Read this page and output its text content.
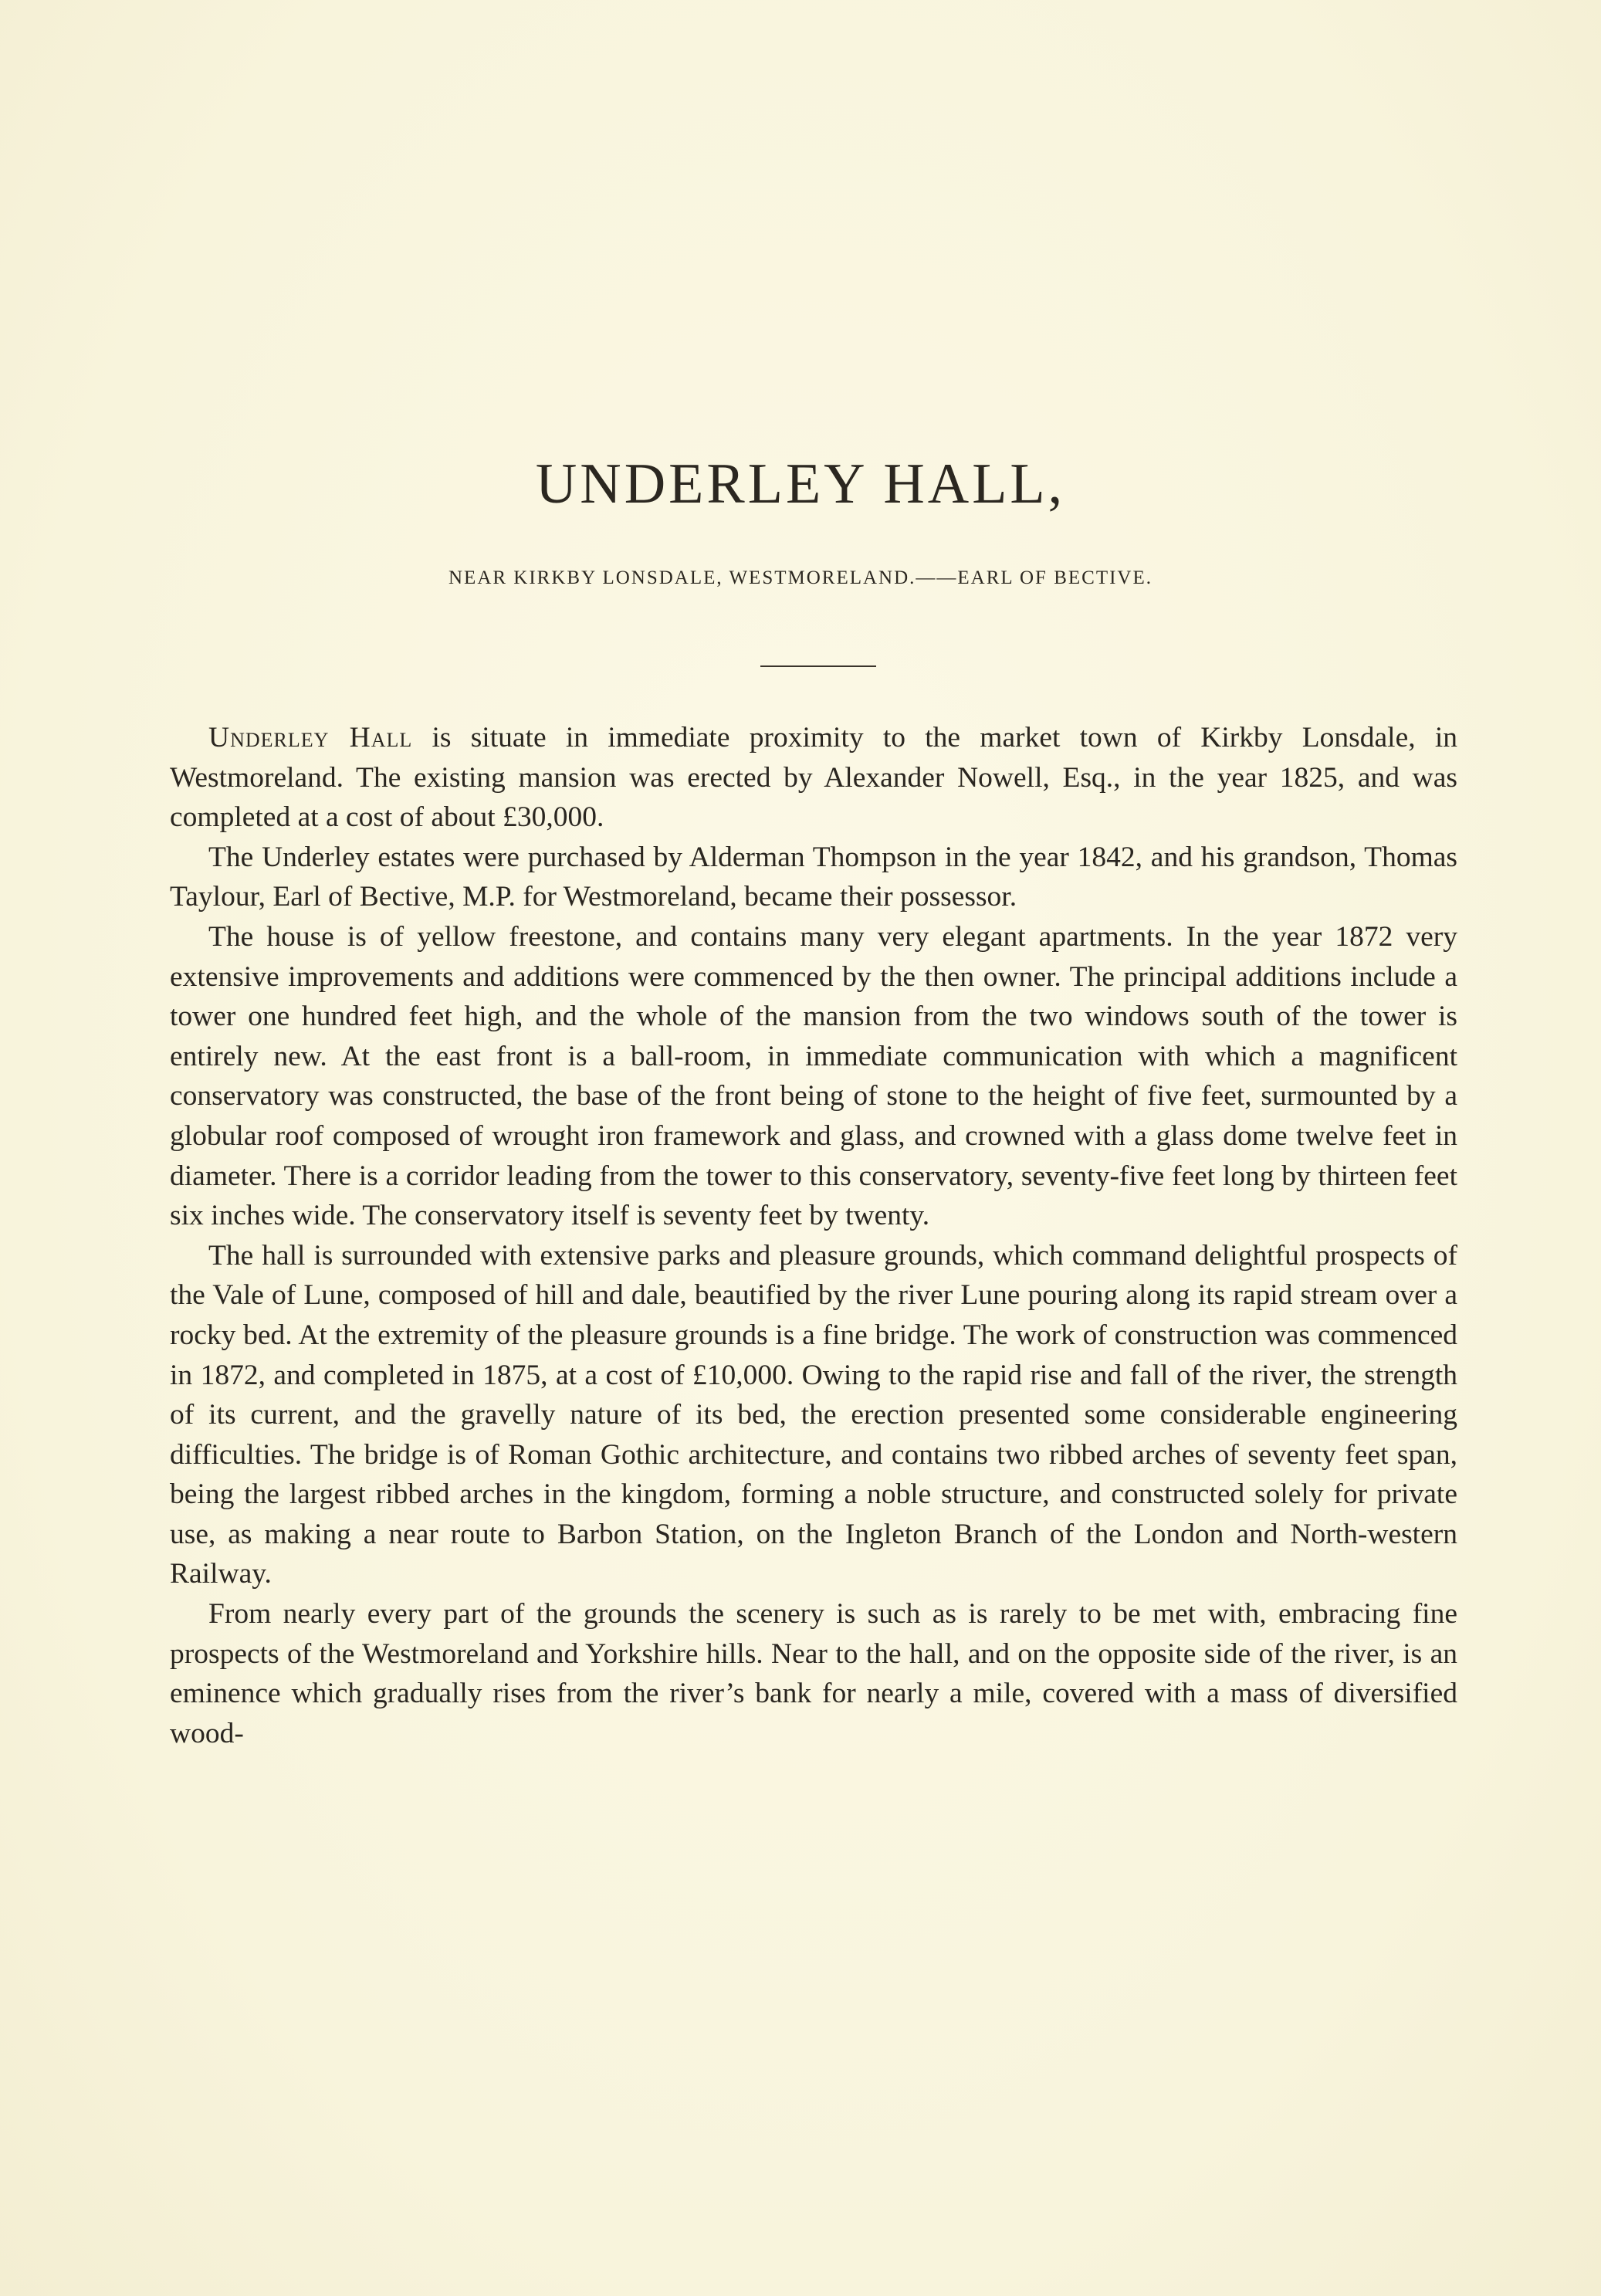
UNDERLEY HALL,

NEAR KIRKBY LONSDALE, WESTMORELAND.——EARL OF BECTIVE.

Underley Hall is situate in immediate proximity to the market town of Kirkby Lonsdale, in Westmoreland. The existing mansion was erected by Alexander Nowell, Esq., in the year 1825, and was completed at a cost of about £30,000.

The Underley estates were purchased by Alderman Thompson in the year 1842, and his grandson, Thomas Taylour, Earl of Bective, M.P. for Westmoreland, became their possessor.

The house is of yellow freestone, and contains many very elegant apartments. In the year 1872 very extensive improvements and additions were commenced by the then owner. The principal additions include a tower one hundred feet high, and the whole of the mansion from the two windows south of the tower is entirely new. At the east front is a ball-room, in immediate communication with which a magnificent conservatory was constructed, the base of the front being of stone to the height of five feet, surmounted by a globular roof composed of wrought iron framework and glass, and crowned with a glass dome twelve feet in diameter. There is a corridor leading from the tower to this conservatory, seventy-five feet long by thirteen feet six inches wide. The conservatory itself is seventy feet by twenty.

The hall is surrounded with extensive parks and pleasure grounds, which command delightful prospects of the Vale of Lune, composed of hill and dale, beautified by the river Lune pouring along its rapid stream over a rocky bed. At the extremity of the pleasure grounds is a fine bridge. The work of construction was commenced in 1872, and completed in 1875, at a cost of £10,000. Owing to the rapid rise and fall of the river, the strength of its current, and the gravelly nature of its bed, the erection presented some considerable engineering difficulties. The bridge is of Roman Gothic architecture, and contains two ribbed arches of seventy feet span, being the largest ribbed arches in the kingdom, forming a noble structure, and constructed solely for private use, as making a near route to Barbon Station, on the Ingleton Branch of the London and North-western Railway.

From nearly every part of the grounds the scenery is such as is rarely to be met with, embracing fine prospects of the Westmoreland and Yorkshire hills. Near to the hall, and on the opposite side of the river, is an eminence which gradually rises from the river’s bank for nearly a mile, covered with a mass of diversified wood-
